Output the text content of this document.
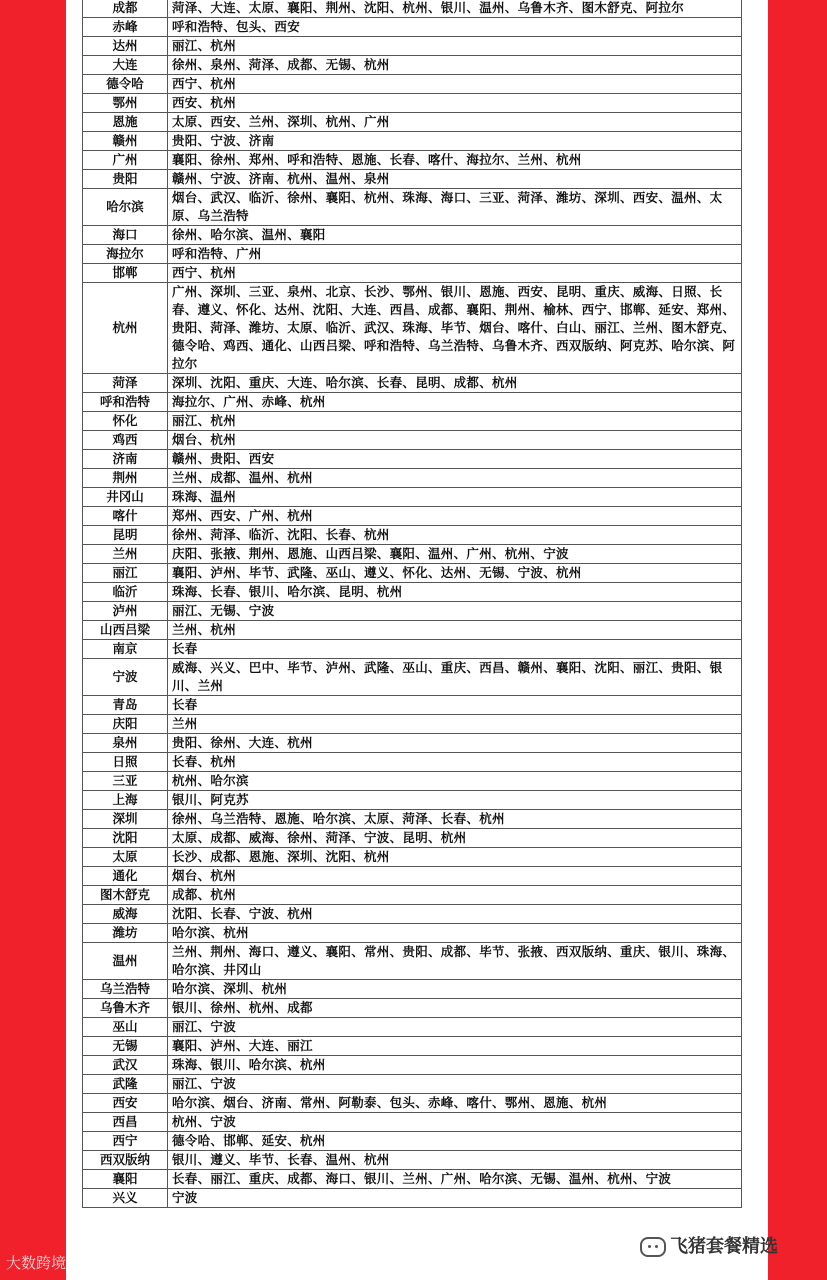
成都	菏泽、大连、太原、襄阳、荆州、沈阳、杭州、银川、温州、乌鲁木齐、图木舒克、阿拉尔
赤峰	呼和浩特、包头、西安
达州	丽江、杭州
大连	徐州、泉州、菏泽、成都、无锡、杭州
德令哈	西宁、杭州
鄂州	西安、杭州
恩施	太原、西安、兰州、深圳、杭州、广州
赣州	贵阳、宁波、济南
广州	襄阳、徐州、郑州、呼和浩特、恩施、长春、喀什、海拉尔、兰州、杭州
贵阳	赣州、宁波、济南、杭州、温州、泉州
哈尔滨	烟台、武汉、临沂、徐州、襄阳、杭州、珠海、海口、三亚、菏泽、潍坊、深圳、西安、温州、太原、乌兰浩特
海口	徐州、哈尔滨、温州、襄阳
海拉尔	呼和浩特、广州
邯郸	西宁、杭州
杭州	广州、深圳、三亚、泉州、北京、长沙、鄂州、银川、恩施、西安、昆明、重庆、威海、日照、长春、遵义、怀化、达州、沈阳、大连、西昌、成都、襄阳、荆州、榆林、西宁、邯郸、延安、郑州、贵阳、菏泽、潍坊、太原、临沂、武汉、珠海、毕节、烟台、喀什、白山、丽江、兰州、图木舒克、德令哈、鸡西、通化、山西吕梁、呼和浩特、乌兰浩特、乌鲁木齐、西双版纳、阿克苏、哈尔滨、阿拉尔
菏泽	深圳、沈阳、重庆、大连、哈尔滨、长春、昆明、成都、杭州
呼和浩特	海拉尔、广州、赤峰、杭州
怀化	丽江、杭州
鸡西	烟台、杭州
济南	赣州、贵阳、西安
荆州	兰州、成都、温州、杭州
井冈山	珠海、温州
喀什	郑州、西安、广州、杭州
昆明	徐州、菏泽、临沂、沈阳、长春、杭州
兰州	庆阳、张掖、荆州、恩施、山西吕梁、襄阳、温州、广州、杭州、宁波
丽江	襄阳、泸州、毕节、武隆、巫山、遵义、怀化、达州、无锡、宁波、杭州
临沂	珠海、长春、银川、哈尔滨、昆明、杭州
泸州	丽江、无锡、宁波
山西吕梁	兰州、杭州
南京	长春
宁波	威海、兴义、巴中、毕节、泸州、武隆、巫山、重庆、西昌、赣州、襄阳、沈阳、丽江、贵阳、银川、兰州
青岛	长春
庆阳	兰州
泉州	贵阳、徐州、大连、杭州
日照	长春、杭州
三亚	杭州、哈尔滨
上海	银川、阿克苏
深圳	徐州、乌兰浩特、恩施、哈尔滨、太原、菏泽、长春、杭州
沈阳	太原、成都、威海、徐州、菏泽、宁波、昆明、杭州
太原	长沙、成都、恩施、深圳、沈阳、杭州
通化	烟台、杭州
图木舒克	成都、杭州
威海	沈阳、长春、宁波、杭州
潍坊	哈尔滨、杭州
温州	兰州、荆州、海口、遵义、襄阳、常州、贵阳、成都、毕节、张掖、西双版纳、重庆、银川、珠海、哈尔滨、井冈山
乌兰浩特	哈尔滨、深圳、杭州
乌鲁木齐	银川、徐州、杭州、成都
巫山	丽江、宁波
无锡	襄阳、泸州、大连、丽江
武汉	珠海、银川、哈尔滨、杭州
武隆	丽江、宁波
西安	哈尔滨、烟台、济南、常州、阿勒泰、包头、赤峰、喀什、鄂州、恩施、杭州
西昌	杭州、宁波
西宁	德令哈、邯郸、延安、杭州
西双版纳	银川、遵义、毕节、长春、温州、杭州
襄阳	长春、丽江、重庆、成都、海口、银川、兰州、广州、哈尔滨、无锡、温州、杭州、宁波
兴义	宁波
大数跨境
飞猪套餐精选
